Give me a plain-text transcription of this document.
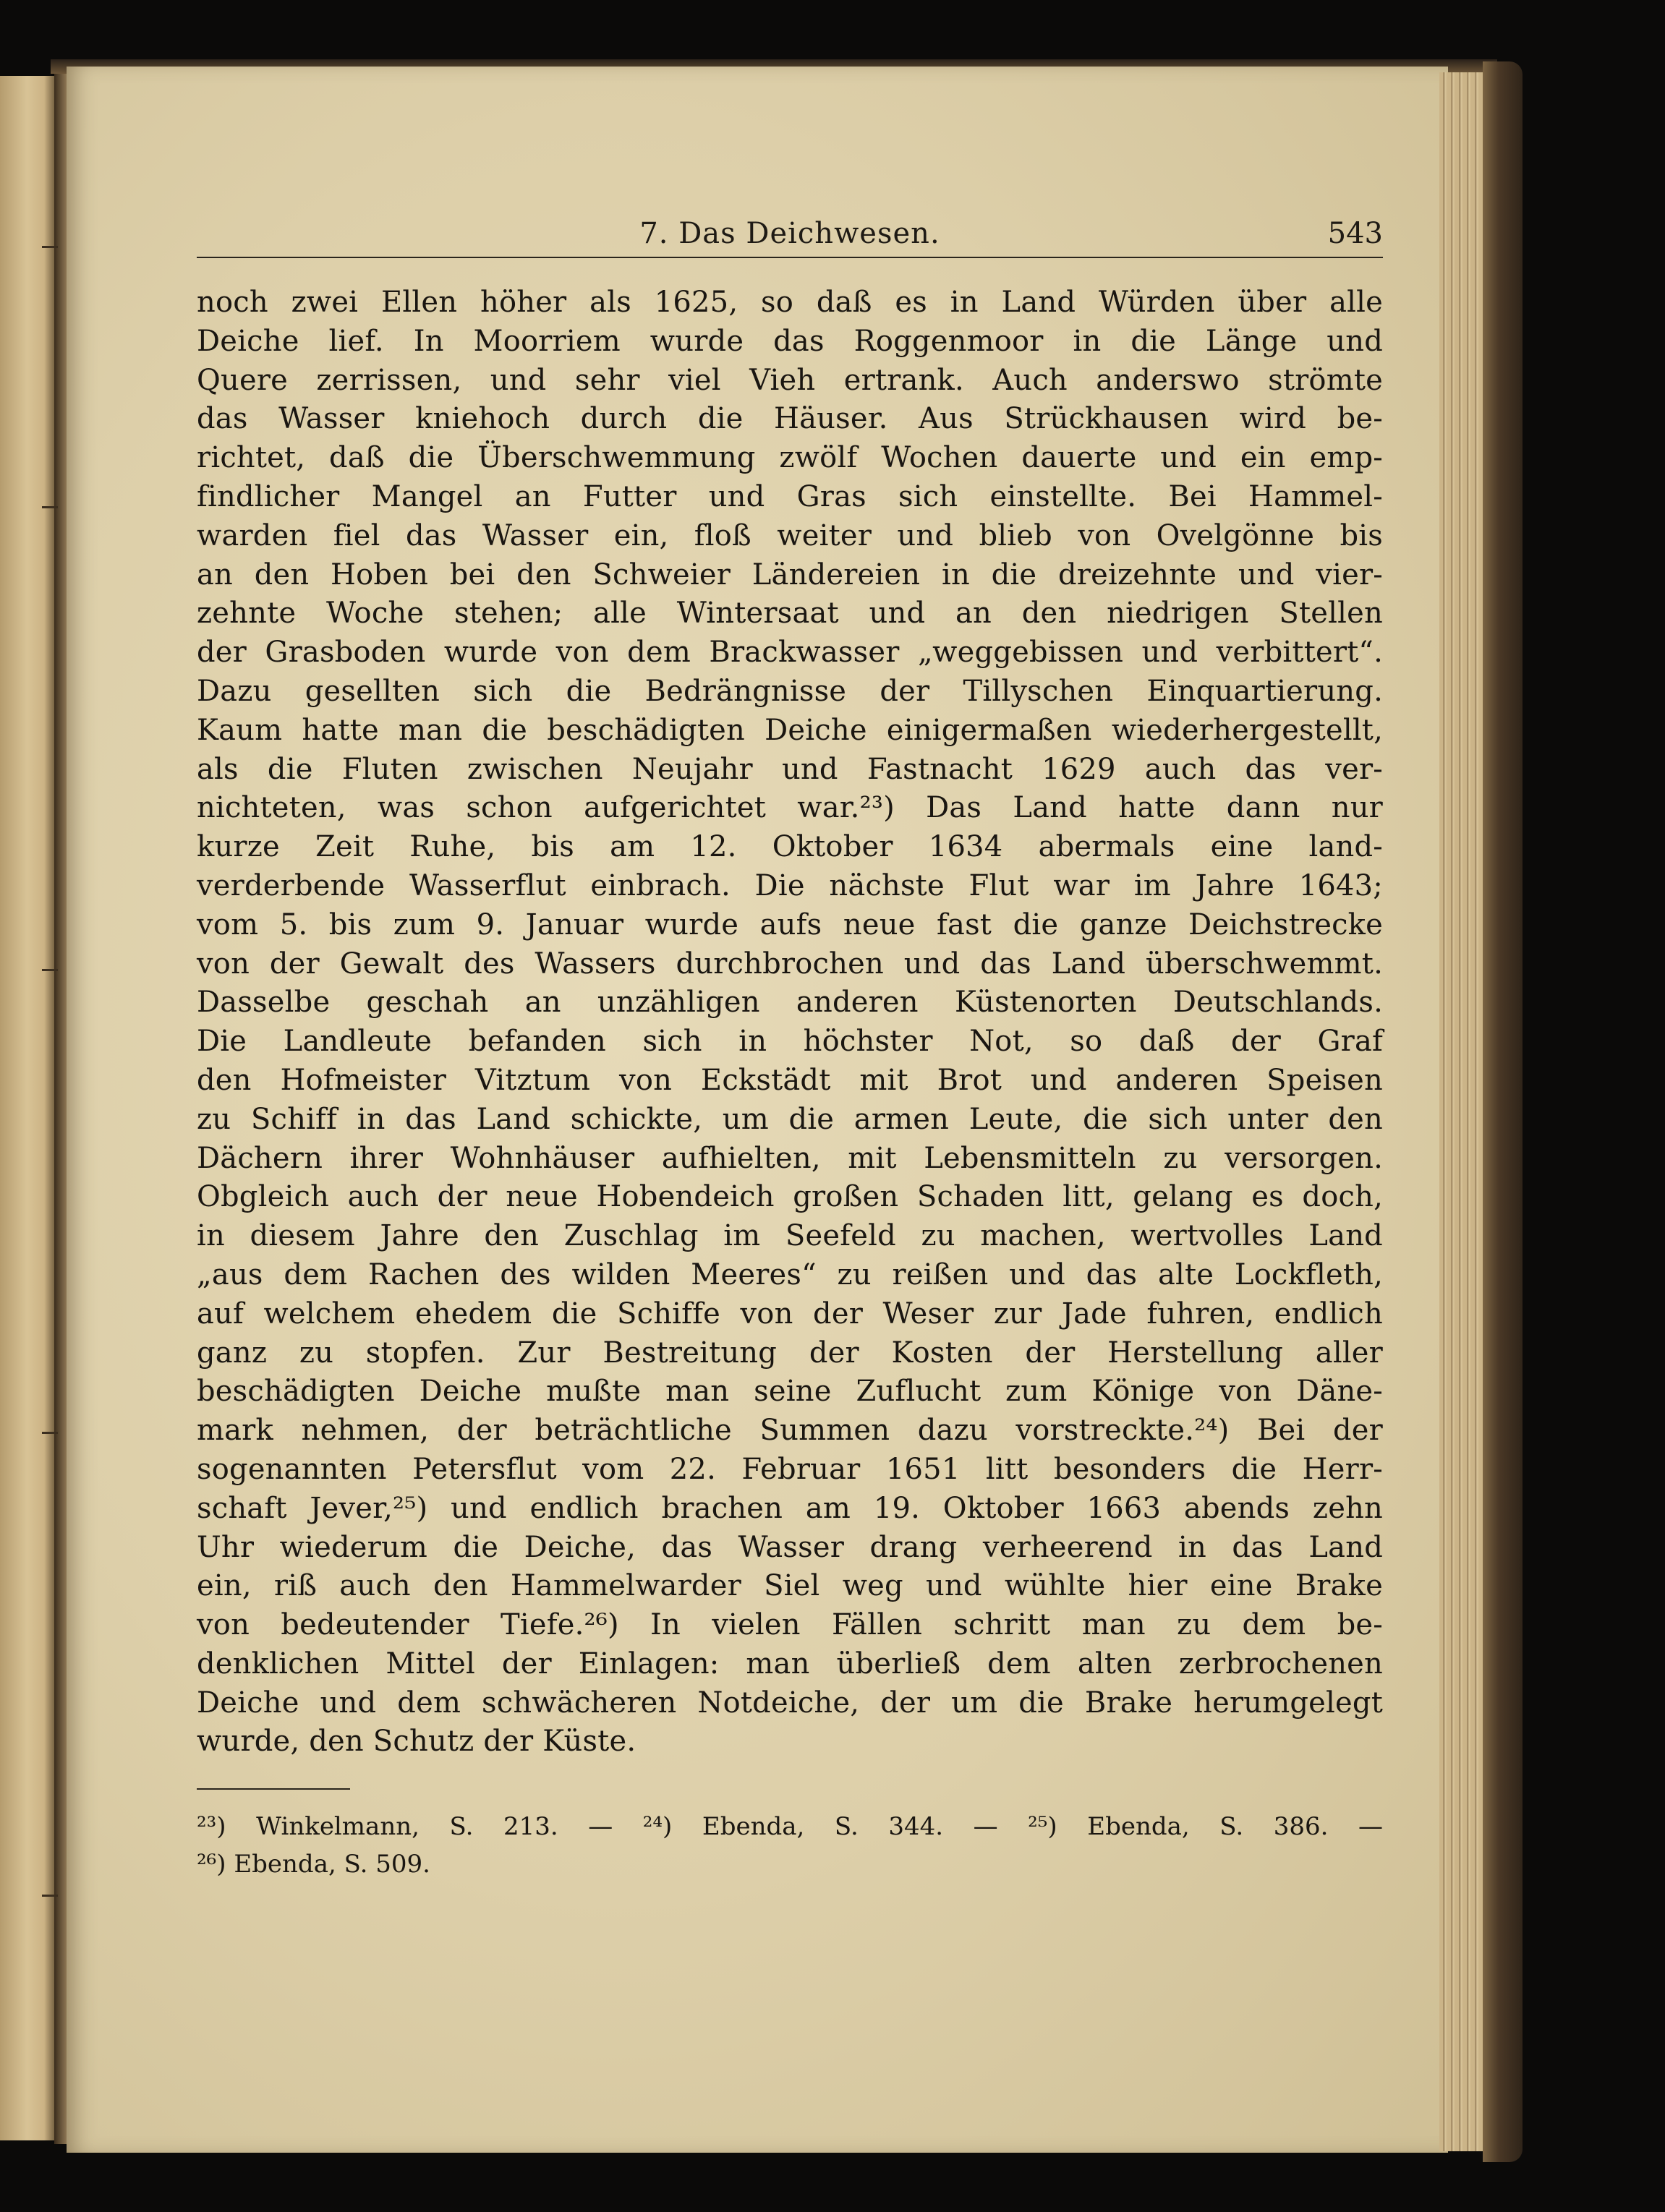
7. Das Deichwesen.	543
noch zwei Ellen höher als 1625, so daß es in Land Würden über alle
Deiche lief. In Moorriem wurde das Roggenmoor in die Länge und
Quere zerrissen, und sehr viel Vieh ertrank. Auch anderswo strömte
das Wasser kniehoch durch die Häuser. Aus Strückhausen wird be-
richtet, daß die Überschwemmung zwölf Wochen dauerte und ein emp-
findlicher Mangel an Futter und Gras sich einstellte. Bei Hammel-
warden fiel das Wasser ein, floß weiter und blieb von Ovelgönne bis
an den Hoben bei den Schweier Ländereien in die dreizehnte und vier-
zehnte Woche stehen; alle Wintersaat und an den niedrigen Stellen
der Grasboden wurde von dem Brackwasser „weggebissen und verbittert“.
Dazu gesellten sich die Bedrängnisse der Tillyschen Einquartierung.
Kaum hatte man die beschädigten Deiche einigermaßen wiederhergestellt,
als die Fluten zwischen Neujahr und Fastnacht 1629 auch das ver-
nichteten, was schon aufgerichtet war.²³) Das Land hatte dann nur
kurze Zeit Ruhe, bis am 12. Oktober 1634 abermals eine land-
verderbende Wasserflut einbrach. Die nächste Flut war im Jahre 1643;
vom 5. bis zum 9. Januar wurde aufs neue fast die ganze Deichstrecke
von der Gewalt des Wassers durchbrochen und das Land überschwemmt.
Dasselbe geschah an unzähligen anderen Küstenorten Deutschlands.
Die Landleute befanden sich in höchster Not, so daß der Graf
den Hofmeister Vitztum von Eckstädt mit Brot und anderen Speisen
zu Schiff in das Land schickte, um die armen Leute, die sich unter den
Dächern ihrer Wohnhäuser aufhielten, mit Lebensmitteln zu versorgen.
Obgleich auch der neue Hobendeich großen Schaden litt, gelang es doch,
in diesem Jahre den Zuschlag im Seefeld zu machen, wertvolles Land
„aus dem Rachen des wilden Meeres“ zu reißen und das alte Lockfleth,
auf welchem ehedem die Schiffe von der Weser zur Jade fuhren, endlich
ganz zu stopfen. Zur Bestreitung der Kosten der Herstellung aller
beschädigten Deiche mußte man seine Zuflucht zum Könige von Däne-
mark nehmen, der beträchtliche Summen dazu vorstreckte.²⁴) Bei der
sogenannten Petersflut vom 22. Februar 1651 litt besonders die Herr-
schaft Jever,²⁵) und endlich brachen am 19. Oktober 1663 abends zehn
Uhr wiederum die Deiche, das Wasser drang verheerend in das Land
ein, riß auch den Hammelwarder Siel weg und wühlte hier eine Brake
von bedeutender Tiefe.²⁶) In vielen Fällen schritt man zu dem be-
denklichen Mittel der Einlagen: man überließ dem alten zerbrochenen
Deiche und dem schwächeren Notdeiche, der um die Brake herumgelegt
wurde, den Schutz der Küste.
²³) Winkelmann, S. 213. — ²⁴) Ebenda, S. 344. — ²⁵) Ebenda, S. 386. —
²⁶) Ebenda, S. 509.
